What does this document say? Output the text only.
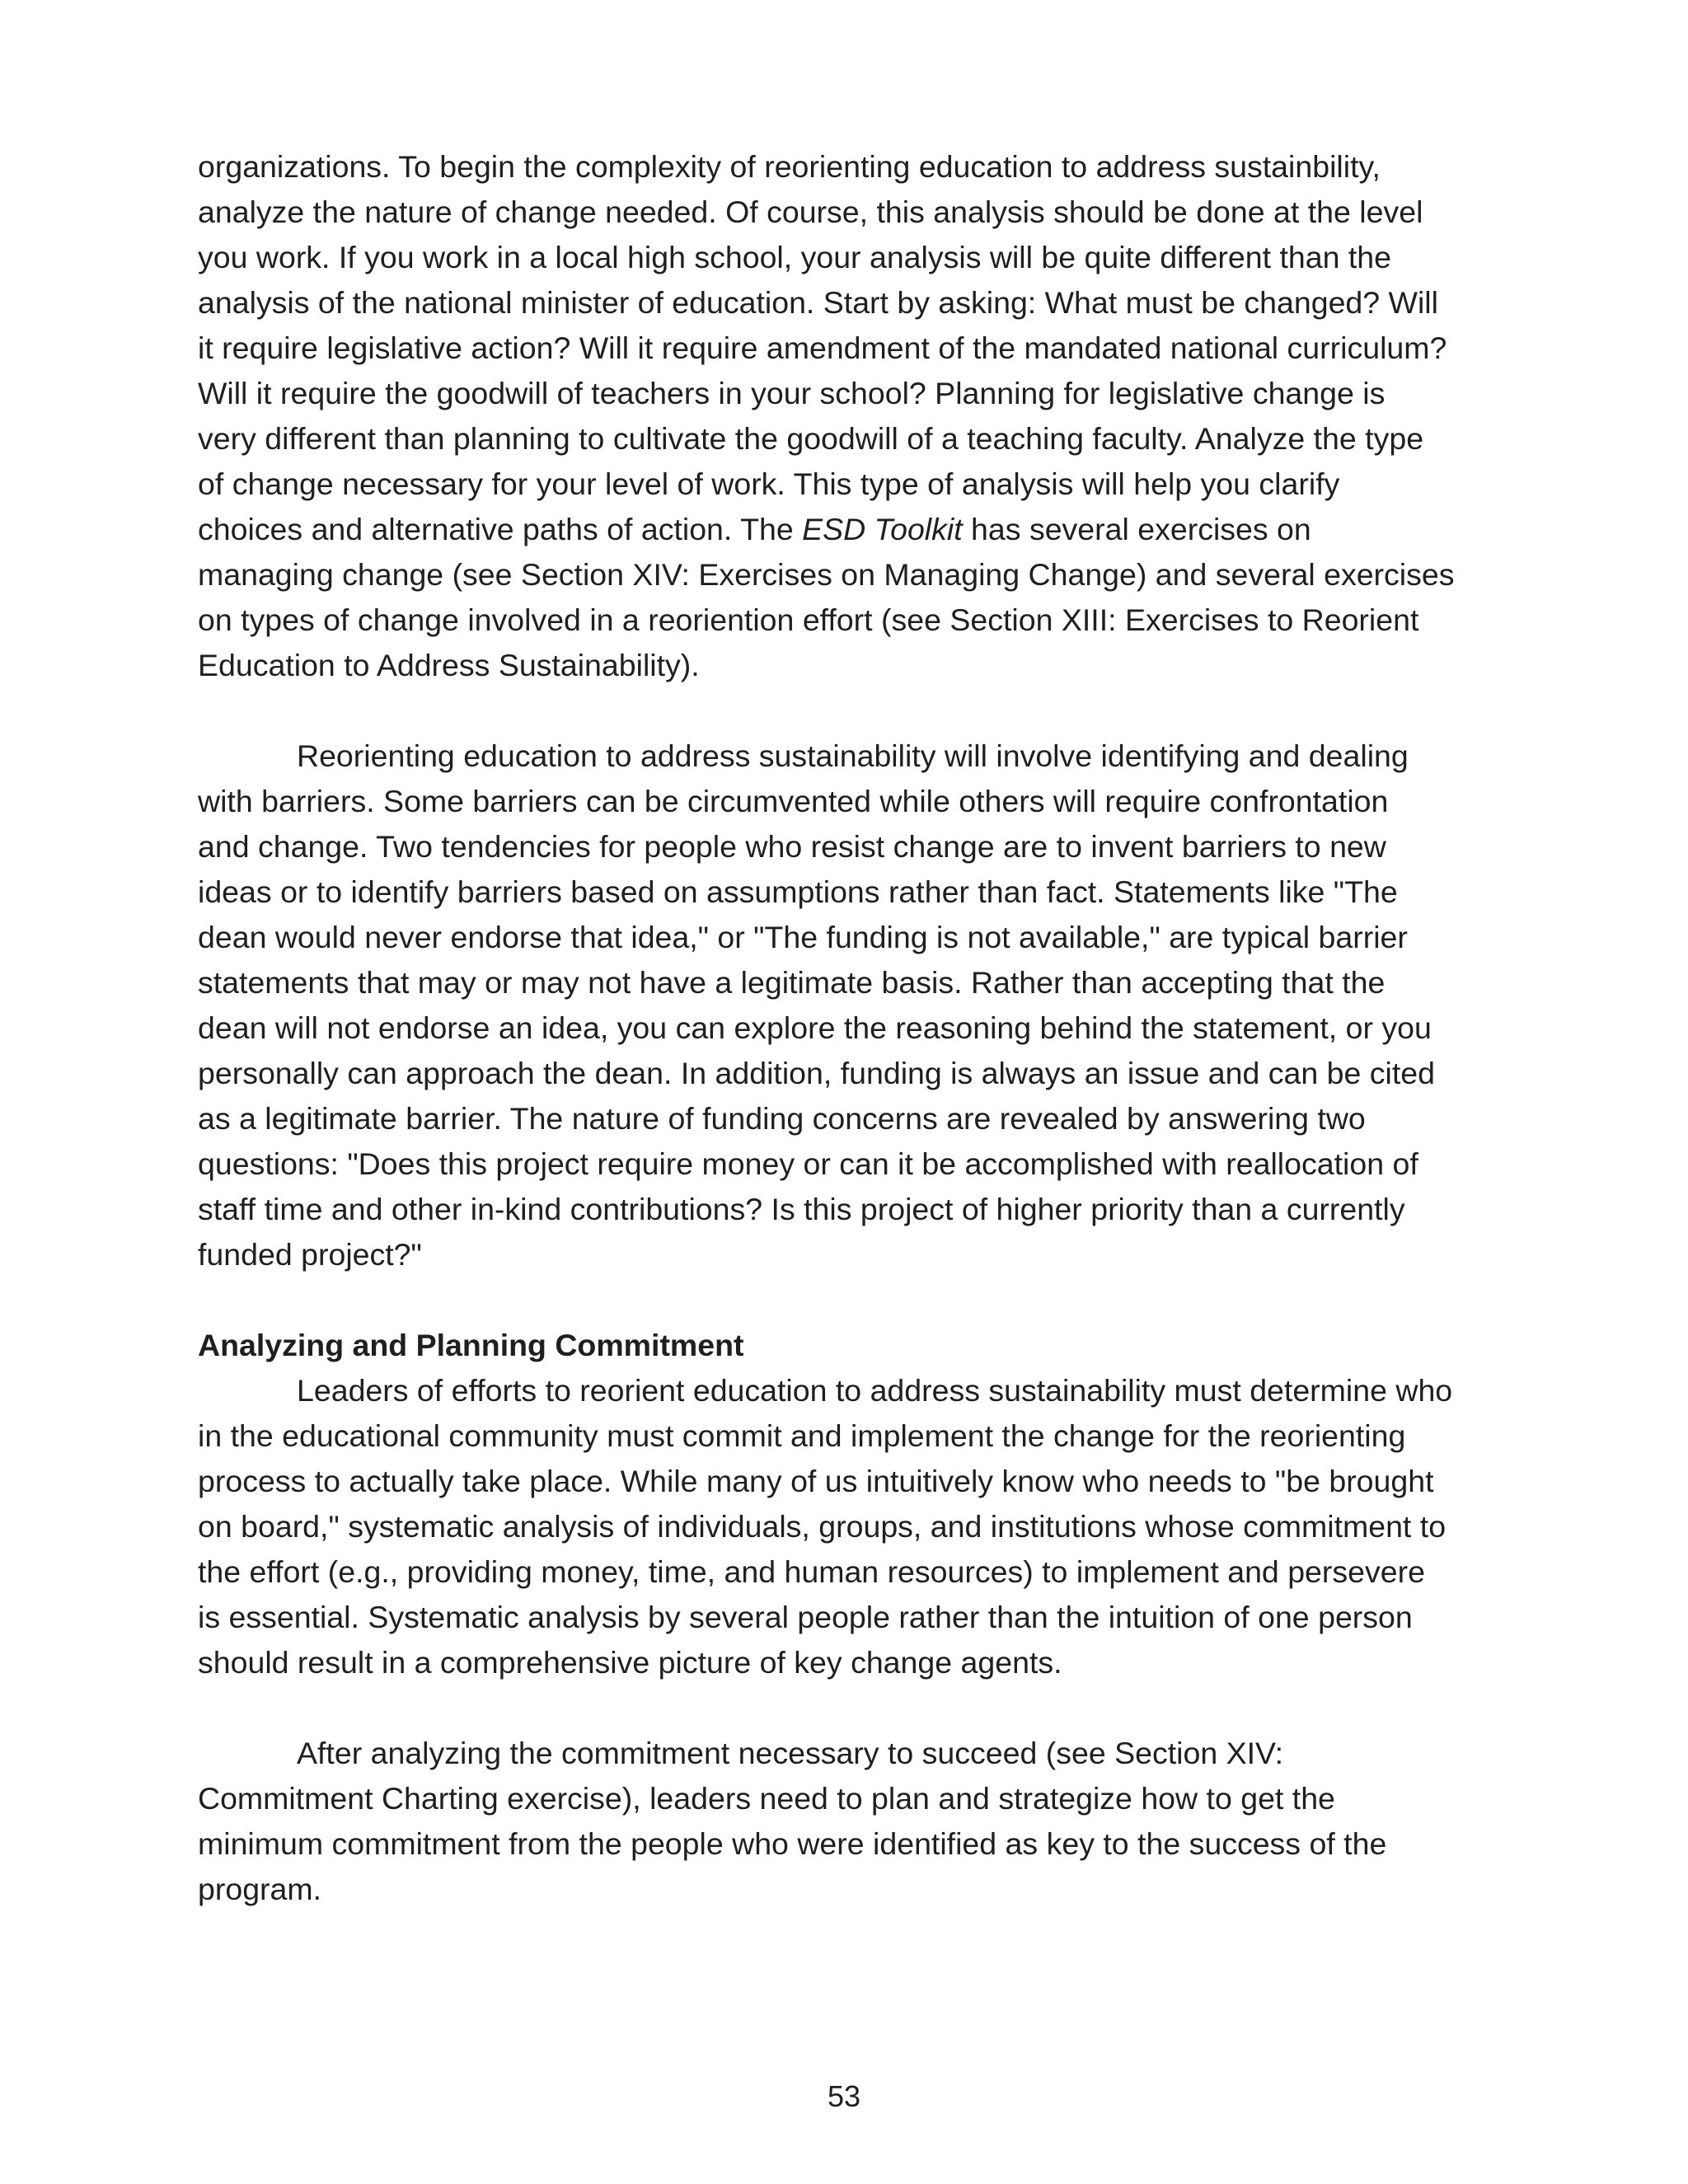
organizations. To begin the complexity of reorienting education to address sustainbility,
analyze the nature of change needed. Of course, this analysis should be done at the level
you work. If you work in a local high school, your analysis will be quite different than the
analysis of the national minister of education. Start by asking: What must be changed? Will
it require legislative action? Will it require amendment of the mandated national curriculum?
Will it require the goodwill of teachers in your school? Planning for legislative change is
very different than planning to cultivate the goodwill of a teaching faculty. Analyze the type
of change necessary for your level of work. This type of analysis will help you clarify
choices and alternative paths of action. The ESD Toolkit has several exercises on
managing change (see Section XIV: Exercises on Managing Change) and several exercises
on types of change involved in a reoriention effort (see Section XIII: Exercises to Reorient
Education to Address Sustainability).
Reorienting education to address sustainability will involve identifying and dealing
with barriers. Some barriers can be circumvented while others will require confrontation
and change. Two tendencies for people who resist change are to invent barriers to new
ideas or to identify barriers based on assumptions rather than fact. Statements like "The
dean would never endorse that idea," or "The funding is not available," are typical barrier
statements that may or may not have a legitimate basis. Rather than accepting that the
dean will not endorse an idea, you can explore the reasoning behind the statement, or you
personally can approach the dean. In addition, funding is always an issue and can be cited
as a legitimate barrier. The nature of funding concerns are revealed by answering two
questions: "Does this project require money or can it be accomplished with reallocation of
staff time and other in-kind contributions? Is this project of higher priority than a currently
funded project?"
Analyzing and Planning Commitment
Leaders of efforts to reorient education to address sustainability must determine who
in the educational community must commit and implement the change for the reorienting
process to actually take place. While many of us intuitively know who needs to "be brought
on board," systematic analysis of individuals, groups, and institutions whose commitment to
the effort (e.g., providing money, time, and human resources) to implement and persevere
is essential. Systematic analysis by several people rather than the intuition of one person
should result in a comprehensive picture of key change agents.
After analyzing the commitment necessary to succeed (see Section XIV:
Commitment Charting exercise), leaders need to plan and strategize how to get the
minimum commitment from the people who were identified as key to the success of the
program.
53
